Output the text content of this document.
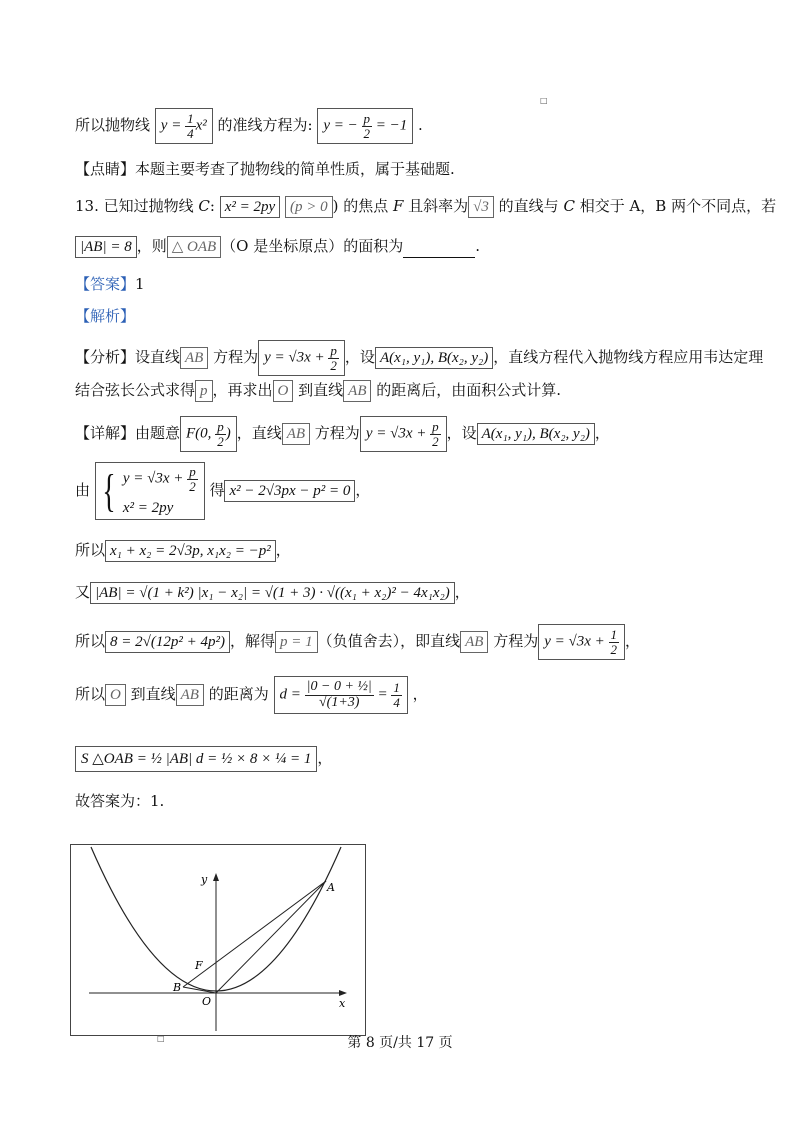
□
所以抛物线 $y = \frac{1}{4} x^2$ 的准线方程为: y = − $\frac{p}{2} = -1$ .
【点睛】本题主要考查了抛物线的简单性质，属于基础题.
13. 已知过抛物线 C: x² = 2py (p > 0 ) 的焦点 F 且斜率为 √3 的直线与 C 相交于 A，B 两个不同点，若
|AB| = 8 ，则 △ OAB （O 是坐标原点）的面积为	.
【答案】1
【解析】
【分析】设直线 AB 方程为 $y = √3x + \frac{p}{2}$ ，设 A(x₁, y₁), B(x₂, y₂) ，直线方程代入抛物线方程应用韦达定理
结合弦长公式求得 p ，再求出 O 到直线 AB 的距离后，由面积公式计算.
【详解】由题意 F(0, $\frac{p}{2}$ ) ，直线 AB 方程为 $y = √3x + \frac{p}{2}$ ，设 A(x₁, y₁), B(x₂, y₂) ，
由 { $y = √3x + \frac{p}{2}$
x² = 2py
得 x² − 2√3px − p² = 0 ，
所以 x₁ + x₂ = 2√3p, x₁x₂ = −p² ，
又 |AB| = √(1 + k²) |x₁ − x₂| = √(1 + 3) · √((x₁ + x₂)² − 4x₁x₂) ，
所以 8 = 2√(12p² + 4p²) ，解得 p = 1 （负值舍去），即直线 AB 方程为 $y = √3x + \frac{1}{2}$ ，
所以 O 到直线 AB 的距离为 $d = \frac{\text{|0 − 0 + ½|}}{√(1+3)} = \frac{1}{4}$ ，
S △OAB = ½ |AB| d = ½ × 8 × ¼ = 1 ，
故答案为：1.
y
x
A
B
F
O
□	第 8 页/共 17 页
